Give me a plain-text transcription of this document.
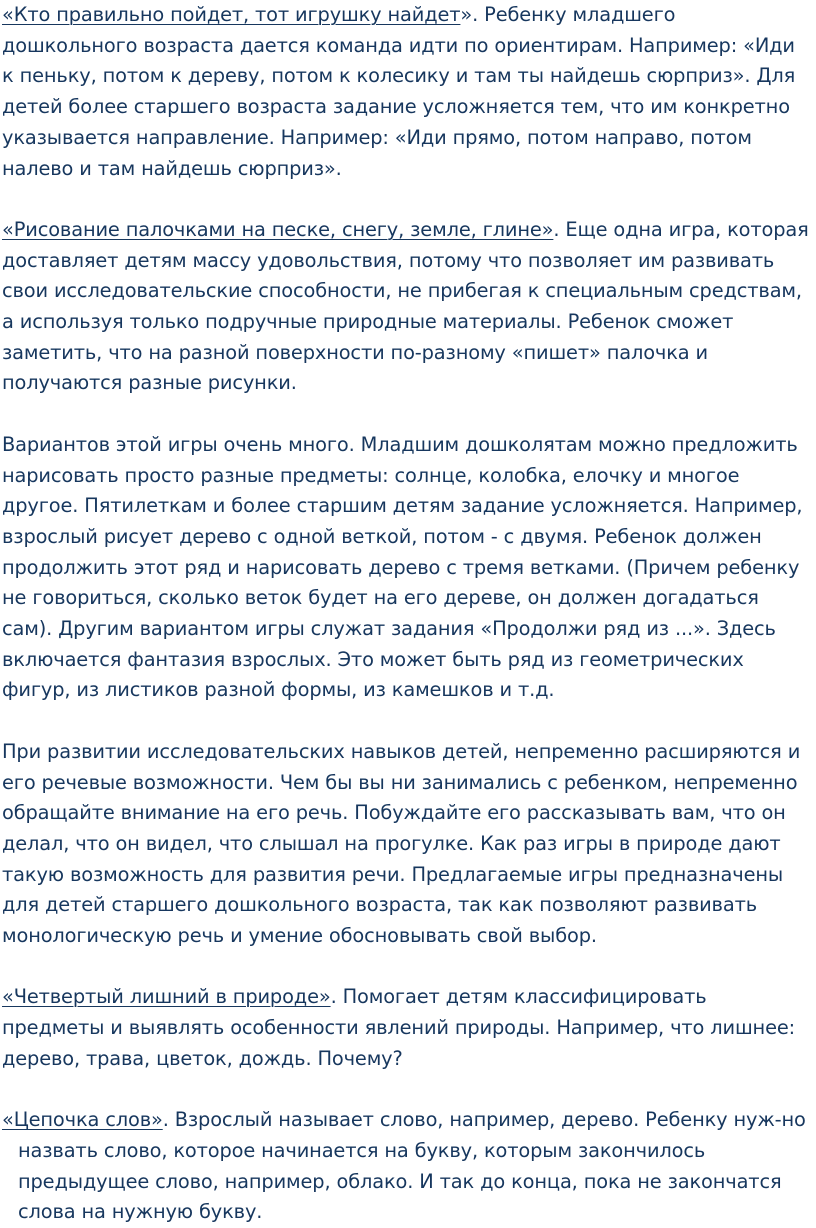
«Кто правильно пойдет, тот игрушку найдет». Ребенку младшего дошкольного возраста дается команда идти по ориентирам. Например: «Иди к пеньку, потом к дереву, потом к колесику и там ты найдешь сюрприз». Для детей более старшего возраста задание усложняется тем, что им конкретно указывается направление. Например: «Иди прямо, потом направо, потом налево и там найдешь сюрприз».

«Рисование палочками на песке, снегу, земле, глине». Еще одна игра, которая доставляет детям массу удовольствия, потому что позволяет им развивать свои исследовательские способности, не прибегая к специальным средствам, а используя только подручные природные материалы. Ребенок сможет заметить, что на разной поверхности по-разному «пишет» палочка и получаются разные рисунки.

Вариантов этой игры очень много. Младшим дошколятам можно предложить нарисовать просто разные предметы: солнце, колобка, елочку и многое другое. Пятилеткам и более старшим детям задание усложняется. Например, взрослый рисует дерево с одной веткой, потом - с двумя. Ребенок должен продолжить этот ряд и нарисовать дерево с тремя ветками. (Причем ребенку не говориться, сколько веток будет на его дереве, он должен догадаться сам). Другим вариантом игры служат задания «Продолжи ряд из ...». Здесь включается фантазия взрослых. Это может быть ряд из геометрических фигур, из листиков разной формы, из камешков и т.д.

При развитии исследовательских навыков детей, непременно расширяются и его речевые возможности. Чем бы вы ни занимались с ребенком, непременно обращайте внимание на его речь. Побуждайте его рассказывать вам, что он делал, что он видел, что слышал на прогулке. Как раз игры в природе дают такую возможность для развития речи. Предлагаемые игры предназначены для детей старшего дошкольного возраста, так как позволяют развивать монологическую речь и умение обосновывать свой выбор.

«Четвертый лишний в природе». Помогает детям классифицировать предметы и выявлять особенности явлений природы. Например, что лишнее: дерево, трава, цветок, дождь. Почему?

«Цепочка слов». Взрослый называет слово, например, дерево. Ребенку нуж-но назвать слово, которое начинается на букву, которым закончилось предыдущее слово, например, облако. И так до конца, пока не закончатся слова на нужную букву.
